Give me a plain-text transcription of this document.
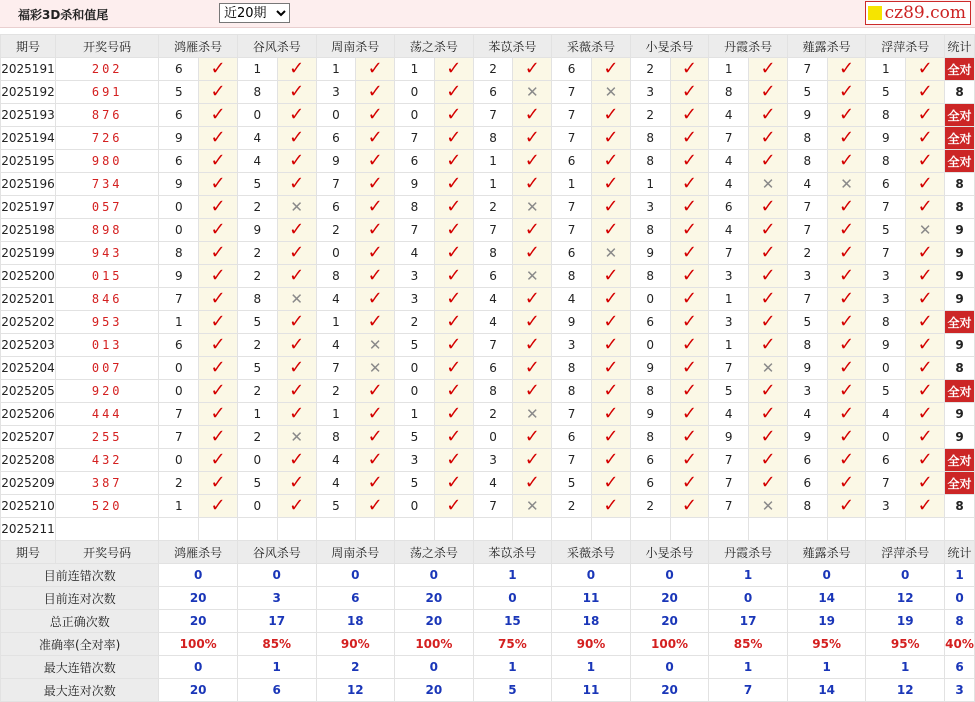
福彩3D杀和值尾
近20期	cz89.com
期号	开奖号码	鸿雁杀号		谷风杀号		周南杀号		荡之杀号		苯苡杀号		采薇杀号		小旻杀号		丹霞杀号		薤露杀号		浮萍杀号		统计
2025191	202	6	✓	1	✓	1	✓	1	✓	2	✓	6	✓	2	✓	1	✓	7	✓	1	✓	全对
2025192	691	5	✓	8	✓	3	✓	0	✓	6	✕	7	✕	3	✓	8	✓	5	✓	5	✓	8
2025193	876	6	✓	0	✓	0	✓	0	✓	7	✓	7	✓	2	✓	4	✓	9	✓	8	✓	全对
2025194	726	9	✓	4	✓	6	✓	7	✓	8	✓	7	✓	8	✓	7	✓	8	✓	9	✓	全对
2025195	980	6	✓	4	✓	9	✓	6	✓	1	✓	6	✓	8	✓	4	✓	8	✓	8	✓	全对
2025196	734	9	✓	5	✓	7	✓	9	✓	1	✓	1	✓	1	✓	4	✕	4	✕	6	✓	8
2025197	057	0	✓	2	✕	6	✓	8	✓	2	✕	7	✓	3	✓	6	✓	7	✓	7	✓	8
2025198	898	0	✓	9	✓	2	✓	7	✓	7	✓	7	✓	8	✓	4	✓	7	✓	5	✕	9
2025199	943	8	✓	2	✓	0	✓	4	✓	8	✓	6	✕	9	✓	7	✓	2	✓	7	✓	9
2025200	015	9	✓	2	✓	8	✓	3	✓	6	✕	8	✓	8	✓	3	✓	3	✓	3	✓	9
2025201	846	7	✓	8	✕	4	✓	3	✓	4	✓	4	✓	0	✓	1	✓	7	✓	3	✓	9
2025202	953	1	✓	5	✓	1	✓	2	✓	4	✓	9	✓	6	✓	3	✓	5	✓	8	✓	全对
2025203	013	6	✓	2	✓	4	✕	5	✓	7	✓	3	✓	0	✓	1	✓	8	✓	9	✓	9
2025204	007	0	✓	5	✓	7	✕	0	✓	6	✓	8	✓	9	✓	7	✕	9	✓	0	✓	8
2025205	920	0	✓	2	✓	2	✓	0	✓	8	✓	8	✓	8	✓	5	✓	3	✓	5	✓	全对
2025206	444	7	✓	1	✓	1	✓	1	✓	2	✕	7	✓	9	✓	4	✓	4	✓	4	✓	9
2025207	255	7	✓	2	✕	8	✓	5	✓	0	✓	6	✓	8	✓	9	✓	9	✓	0	✓	9
2025208	432	0	✓	0	✓	4	✓	3	✓	3	✓	7	✓	6	✓	7	✓	6	✓	6	✓	全对
2025209	387	2	✓	5	✓	4	✓	5	✓	4	✓	5	✓	6	✓	7	✓	6	✓	7	✓	全对
2025210	520	1	✓	0	✓	5	✓	0	✓	7	✕	2	✓	2	✓	7	✕	8	✓	3	✓	8
2025211	当前期杀号	9		8		8		7		8		2		3		7		3		7		
期号	开奖号码	鸿雁杀号		谷风杀号		周南杀号		荡之杀号		苯苡杀号		采薇杀号		小旻杀号		丹霞杀号		薤露杀号		浮萍杀号		统计
目前连错次数		0		0		0		0		1		0		0		1		0		0		1
目前连对次数		20		3		6		20		0		11		20		0		14		12		0
总正确次数		20		17		18		20		15		18		20		17		19		19		8
准确率(全对率)		100%		85%		90%		100%		75%		90%		100%		85%		95%		95%		40%
最大连错次数		0		1		2		0		1		1		0		1		1		1		6
最大连对次数		20		6		12		20		5		11		20		7		14		12		3
